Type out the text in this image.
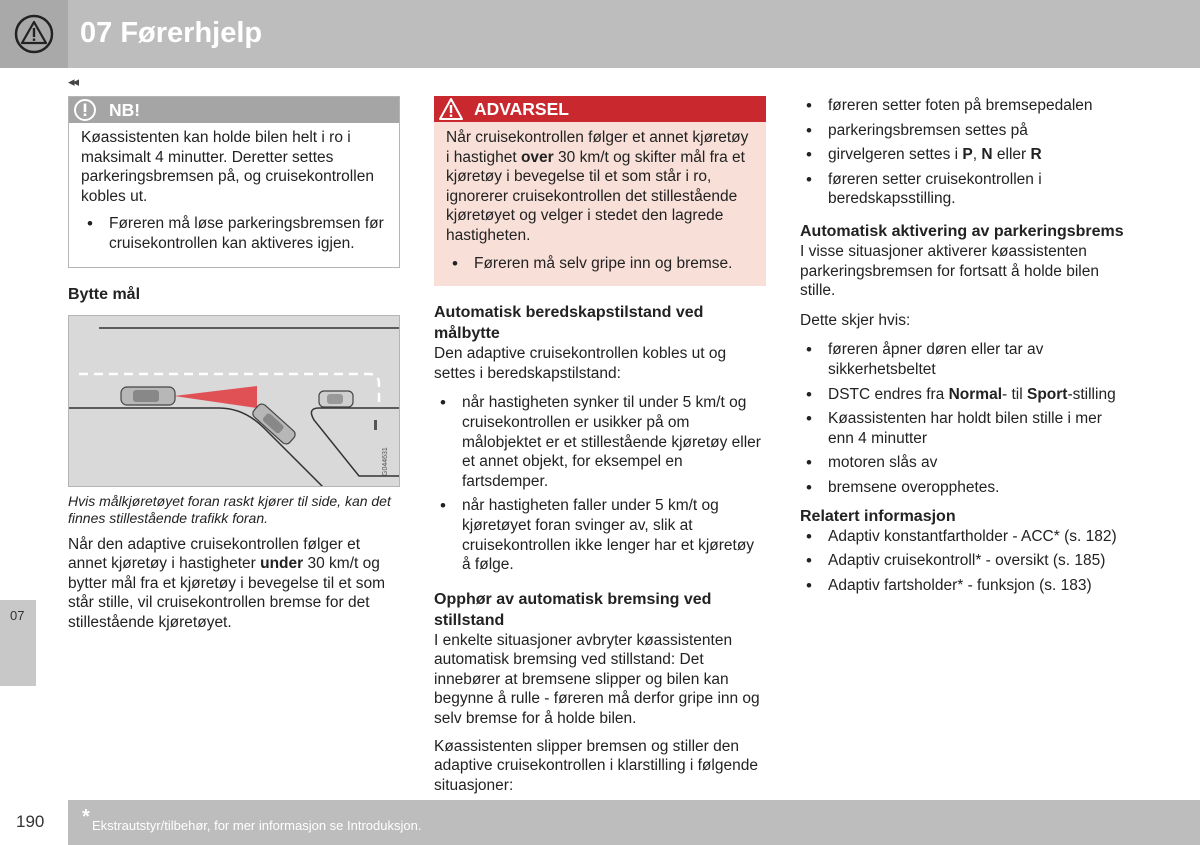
07 Førerhjelp
◂◂
07
NB!

Køassistenten kan holde bilen helt i ro i maksimalt 4 minutter. Deretter settes parkeringsbremsen på, og cruisekontrollen kobles ut.

• Føreren må løse parkeringsbremsen før cruisekontrollen kan aktiveres igjen.
Bytte mål
G044631

Hvis målkjøretøyet foran raskt kjører til side, kan det finnes stillestående trafikk foran.

Når den adaptive cruisekontrollen følger et annet kjøretøy i hastigheter under 30 km/t og bytter mål fra et kjøretøy i bevegelse til et som står stille, vil cruisekontrollen bremse for det stillestående kjøretøyet.

ADVARSEL

Når cruisekontrollen følger et annet kjøretøy i hastighet over 30 km/t og skifter mål fra et kjøretøy i bevegelse til et som står i ro, ignorerer cruisekontrollen det stillestående kjøretøyet og velger i stedet den lagrede hastigheten.

• Føreren må selv gripe inn og bremse.
Automatisk beredskapstilstand ved målbytte

Den adaptive cruisekontrollen kobles ut og settes i beredskapstilstand:

• når hastigheten synker til under 5 km/t og cruisekontrollen er usikker på om målobjektet er et stillestående kjøretøy eller et annet objekt, for eksempel en fartsdemper.
• når hastigheten faller under 5 km/t og kjøretøyet foran svinger av, slik at cruisekontrollen ikke lenger har et kjøretøy å følge.
Opphør av automatisk bremsing ved stillstand

I enkelte situasjoner avbryter køassistenten automatisk bremsing ved stillstand: Det innebører at bremsene slipper og bilen kan begynne å rulle - føreren må derfor gripe inn og selv bremse for å holde bilen.

Køassistenten slipper bremsen og stiller den adaptive cruisekontrollen i klarstilling i følgende situasjoner:

• føreren setter foten på bremsepedalen
• parkeringsbremsen settes på
• girvelgeren settes i P, N eller R
• føreren setter cruisekontrollen i beredskapsstilling.
Automatisk aktivering av parkeringsbrems

I visse situasjoner aktiverer køassistenten parkeringsbremsen for fortsatt å holde bilen stille.

Dette skjer hvis:

• føreren åpner døren eller tar av sikkerhetsbeltet
• DSTC endres fra Normal- til Sport-stilling
• Køassistenten har holdt bilen stille i mer enn 4 minutter
• motoren slås av
• bremsene overopphetes.
Relatert informasjon
• Adaptiv konstantfartholder - ACC* (s. 182)
• Adaptiv cruisekontroll* - oversikt (s. 185)
• Adaptiv fartsholder* - funksjon (s. 183)
190 * Ekstrautstyr/tilbehør, for mer informasjon se Introduksjon.
